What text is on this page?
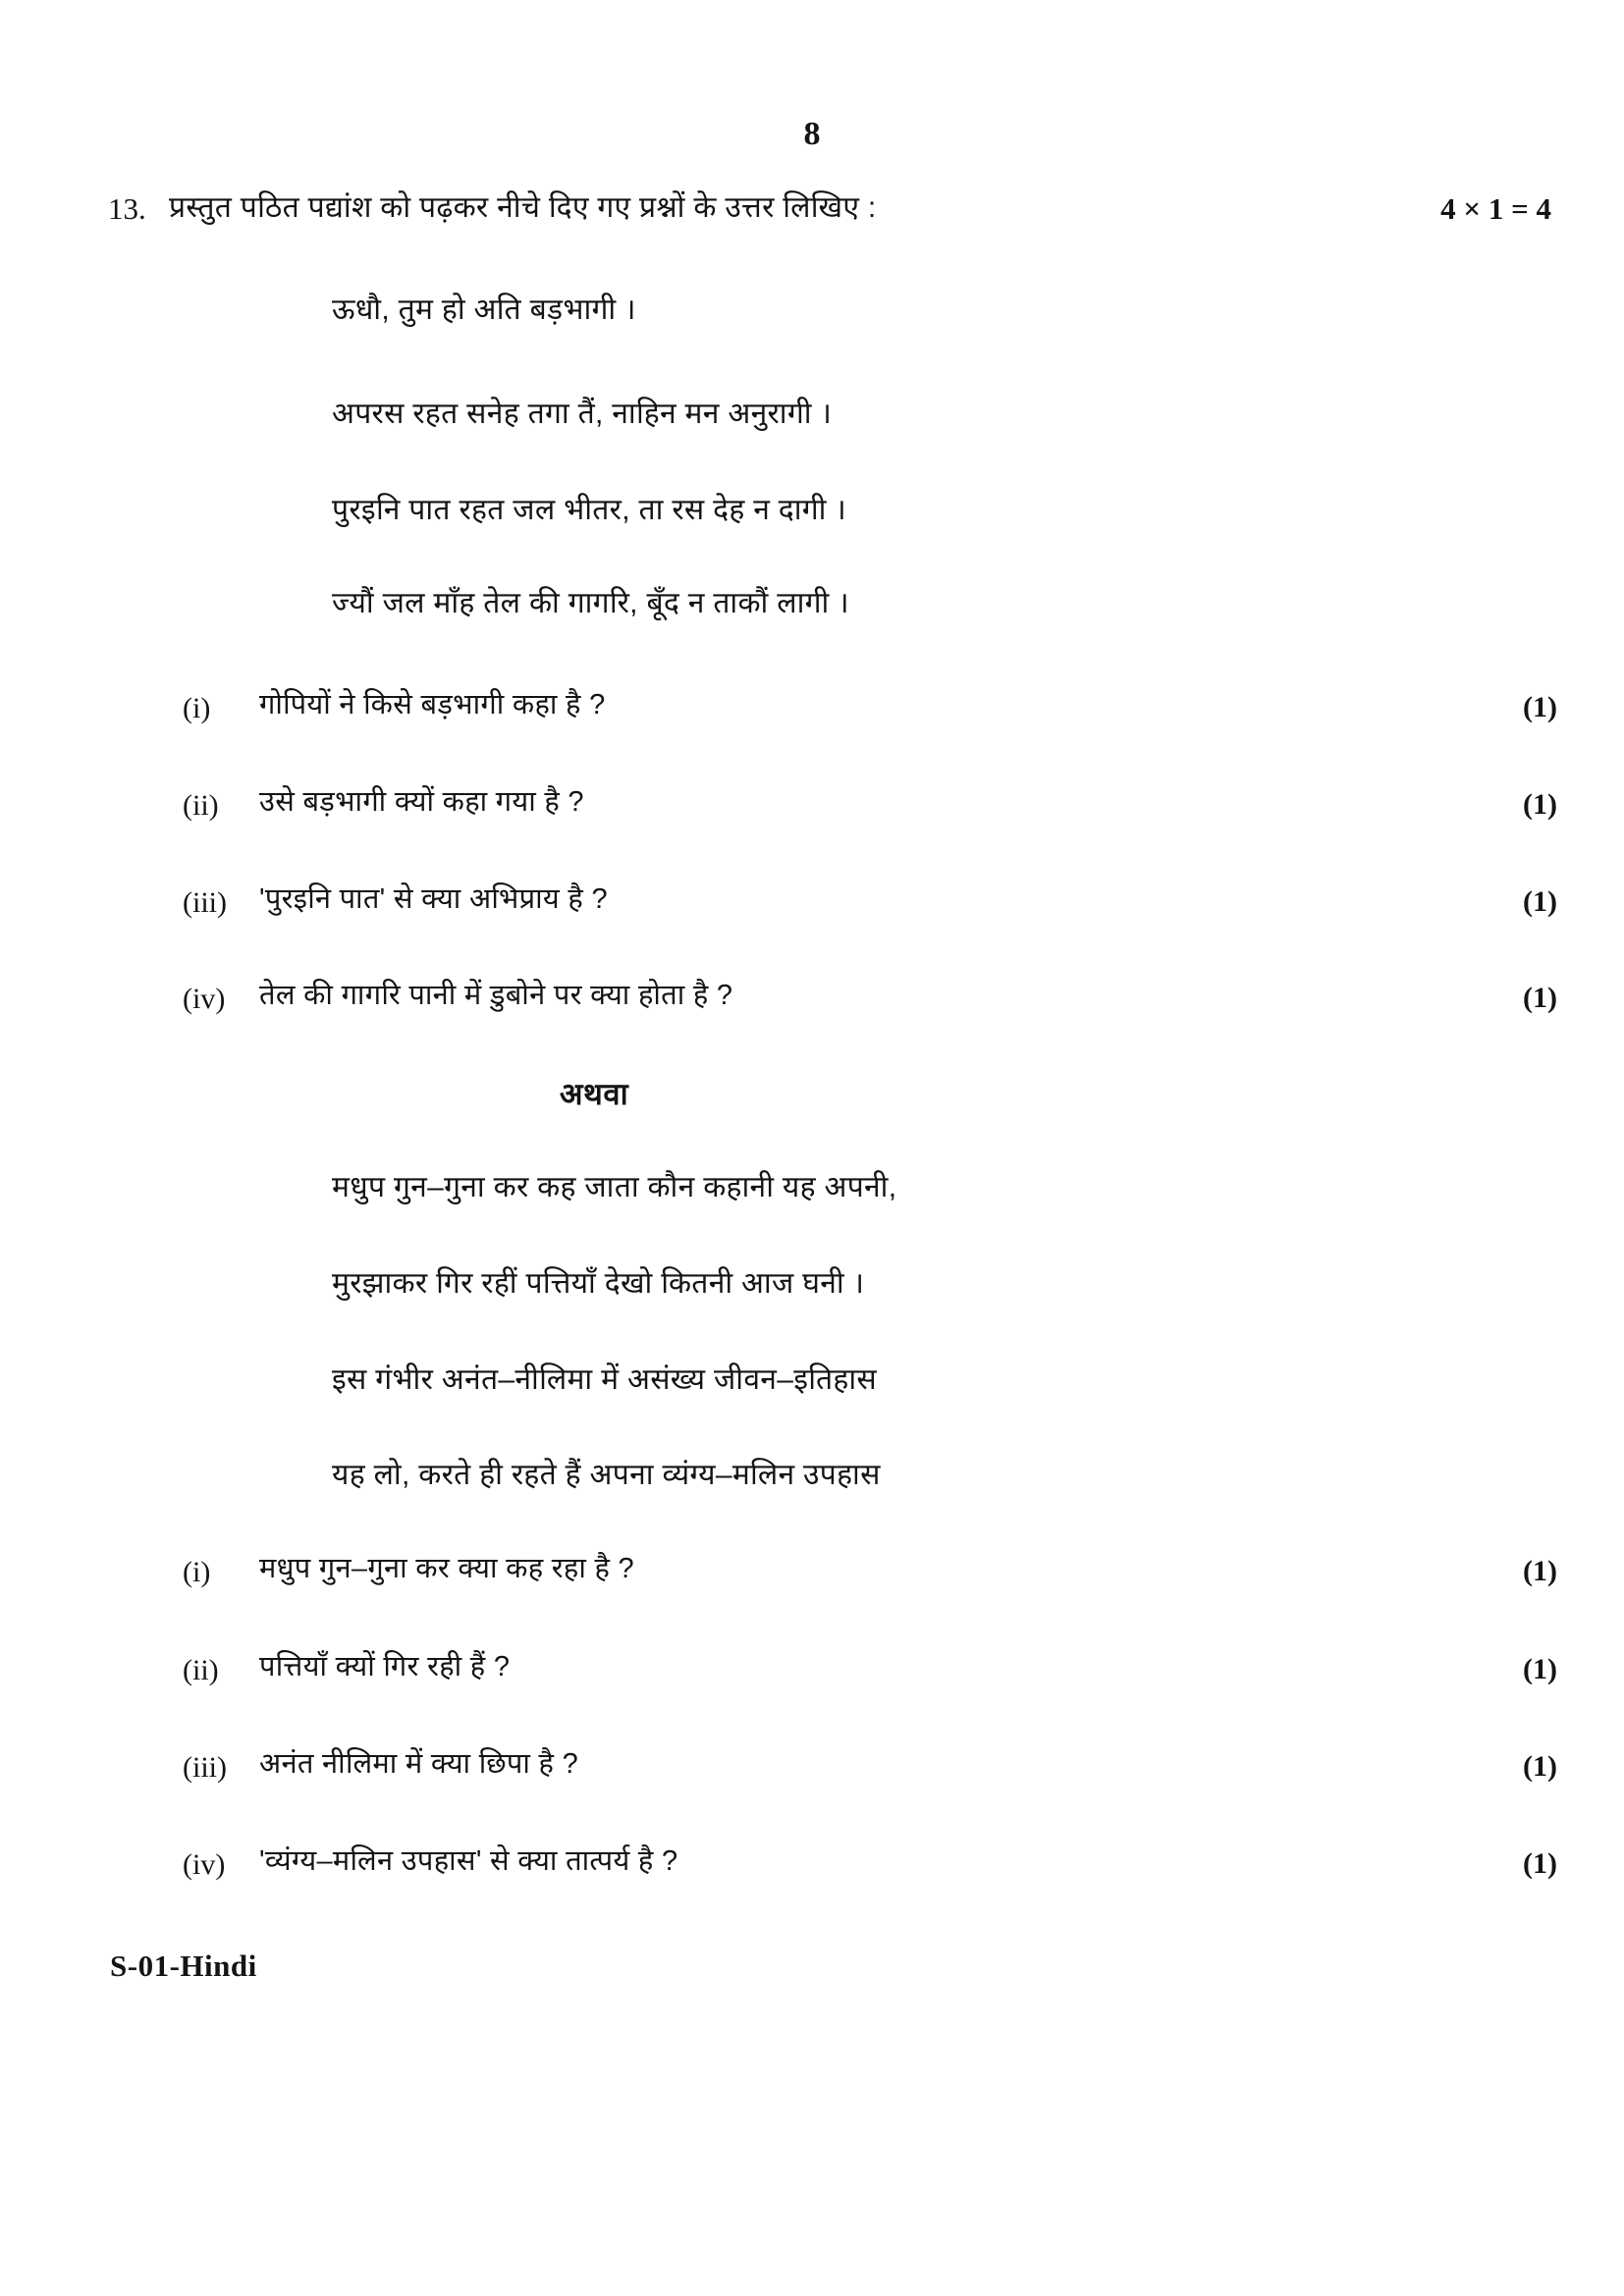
8
13. प्रस्तुत पठित पद्यांश को पढ़कर नीचे दिए गए प्रश्नों के उत्तर लिखिए :	4 × 1 = 4
ऊधौ, तुम हो अति बड़भागी ।
अपरस रहत सनेह तगा तैं, नाहिन मन अनुरागी ।
पुरइनि पात रहत जल भीतर, ता रस देह न दागी ।
ज्यौं जल माँह तेल की गागरि, बूँद न ताकौं लागी ।
(i)	गोपियों ने किसे बड़भागी कहा है ?	(1)
(ii)	उसे बड़भागी क्यों कहा गया है ?	(1)
(iii)	'पुरइनि पात' से क्या अभिप्राय है ?	(1)
(iv)	तेल की गागरि पानी में डुबोने पर क्या होता है ?	(1)
अथवा
मधुप गुन–गुना कर कह जाता कौन कहानी यह अपनी,
मुरझाकर गिर रहीं पत्तियाँ देखो कितनी आज घनी ।
इस गंभीर अनंत–नीलिमा में असंख्य जीवन–इतिहास
यह लो, करते ही रहते हैं अपना व्यंग्य–मलिन उपहास
(i)	मधुप गुन–गुना कर क्या कह रहा है ?	(1)
(ii)	पत्तियाँ क्यों गिर रही हैं ?	(1)
(iii)	अनंत नीलिमा में क्या छिपा है ?	(1)
(iv)	'व्यंग्य–मलिन उपहास' से क्या तात्पर्य है ?	(1)
S-01-Hindi
